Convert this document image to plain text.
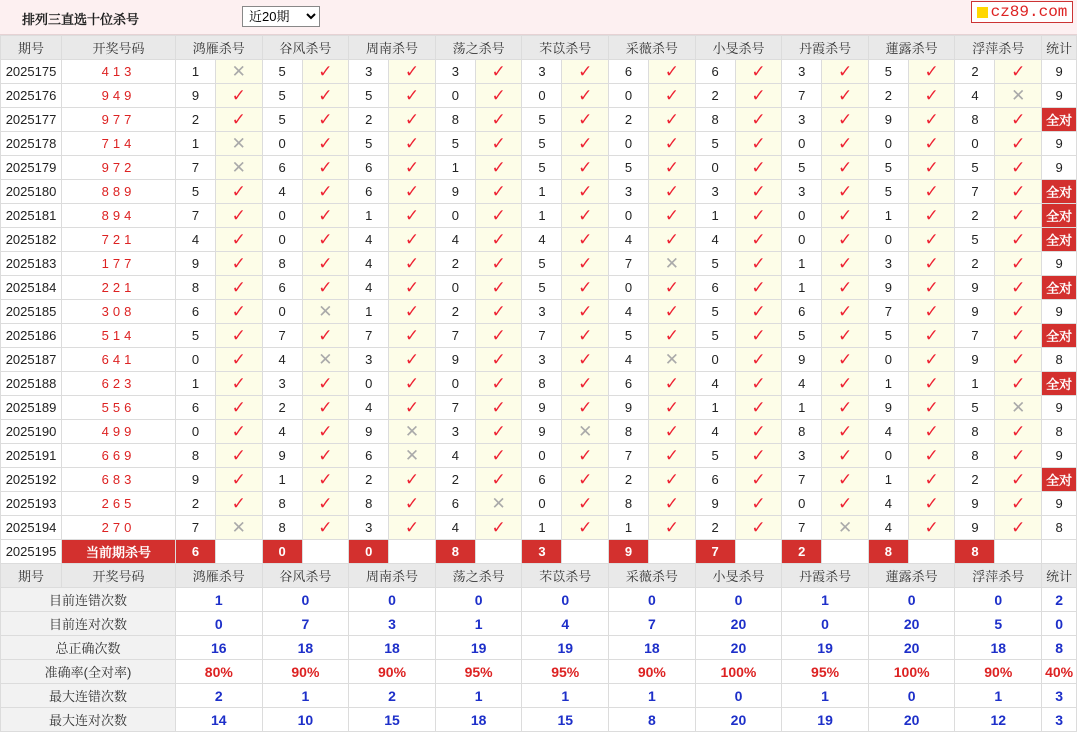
排列三直选十位杀号
近20期	cz89.com
期号	开奖号码	鸿雁杀号		谷风杀号		周南杀号		荡之杀号		芣苡杀号		采薇杀号		小旻杀号		丹霞杀号		蓮露杀号		浮萍杀号		统计
2025175	413	1	✕	5	✓	3	✓	3	✓	3	✓	6	✓	6	✓	3	✓	5	✓	2	✓	9
2025176	949	9	✓	5	✓	5	✓	0	✓	0	✓	0	✓	2	✓	7	✓	2	✓	4	✕	9
2025177	977	2	✓	5	✓	2	✓	8	✓	5	✓	2	✓	8	✓	3	✓	9	✓	8	✓	全对
2025178	714	1	✕	0	✓	5	✓	5	✓	5	✓	0	✓	5	✓	0	✓	0	✓	0	✓	9
2025179	972	7	✕	6	✓	6	✓	1	✓	5	✓	5	✓	0	✓	5	✓	5	✓	5	✓	9
2025180	889	5	✓	4	✓	6	✓	9	✓	1	✓	3	✓	3	✓	3	✓	5	✓	7	✓	全对
2025181	894	7	✓	0	✓	1	✓	0	✓	1	✓	0	✓	1	✓	0	✓	1	✓	2	✓	全对
2025182	721	4	✓	0	✓	4	✓	4	✓	4	✓	4	✓	4	✓	0	✓	0	✓	5	✓	全对
2025183	177	9	✓	8	✓	4	✓	2	✓	5	✓	7	✕	5	✓	1	✓	3	✓	2	✓	9
2025184	221	8	✓	6	✓	4	✓	0	✓	5	✓	0	✓	6	✓	1	✓	9	✓	9	✓	全对
2025185	308	6	✓	0	✕	1	✓	2	✓	3	✓	4	✓	5	✓	6	✓	7	✓	9	✓	9
2025186	514	5	✓	7	✓	7	✓	7	✓	7	✓	5	✓	5	✓	5	✓	5	✓	7	✓	全对
2025187	641	0	✓	4	✕	3	✓	9	✓	3	✓	4	✕	0	✓	9	✓	0	✓	9	✓	8
2025188	623	1	✓	3	✓	0	✓	0	✓	8	✓	6	✓	4	✓	4	✓	1	✓	1	✓	全对
2025189	556	6	✓	2	✓	4	✓	7	✓	9	✓	9	✓	1	✓	1	✓	9	✓	5	✕	9
2025190	499	0	✓	4	✓	9	✕	3	✓	9	✕	8	✓	4	✓	8	✓	4	✓	8	✓	8
2025191	669	8	✓	9	✓	6	✕	4	✓	0	✓	7	✓	5	✓	3	✓	0	✓	8	✓	9
2025192	683	9	✓	1	✓	2	✓	2	✓	6	✓	2	✓	6	✓	7	✓	1	✓	2	✓	全对
2025193	265	2	✓	8	✓	8	✓	6	✕	0	✓	8	✓	9	✓	0	✓	4	✓	9	✓	9
2025194	270	7	✕	8	✓	3	✓	4	✓	1	✓	1	✓	2	✓	7	✕	4	✓	9	✓	8
2025195	当前期杀号	6		0		0		8		3		9		7		2		8		8		
期号	开奖号码	鸿雁杀号		谷风杀号		周南杀号		荡之杀号		芣苡杀号		采薇杀号		小旻杀号		丹霞杀号		蓮露杀号		浮萍杀号		统计
目前连错次数		1		0		0		0		0		0		0		1		0		0		2
目前连对次数		0		7		3		1		4		7		20		0		20		5		0
总正确次数		16		18		18		19		19		18		20		19		20		18		8
准确率(全对率)		80%		90%		90%		95%		95%		90%		100%		95%		100%		90%		40%
最大连错次数		2		1		2		1		1		1		0		1		0		1		3
最大连对次数		14		10		15		18		15		8		20		19		20		12		3
